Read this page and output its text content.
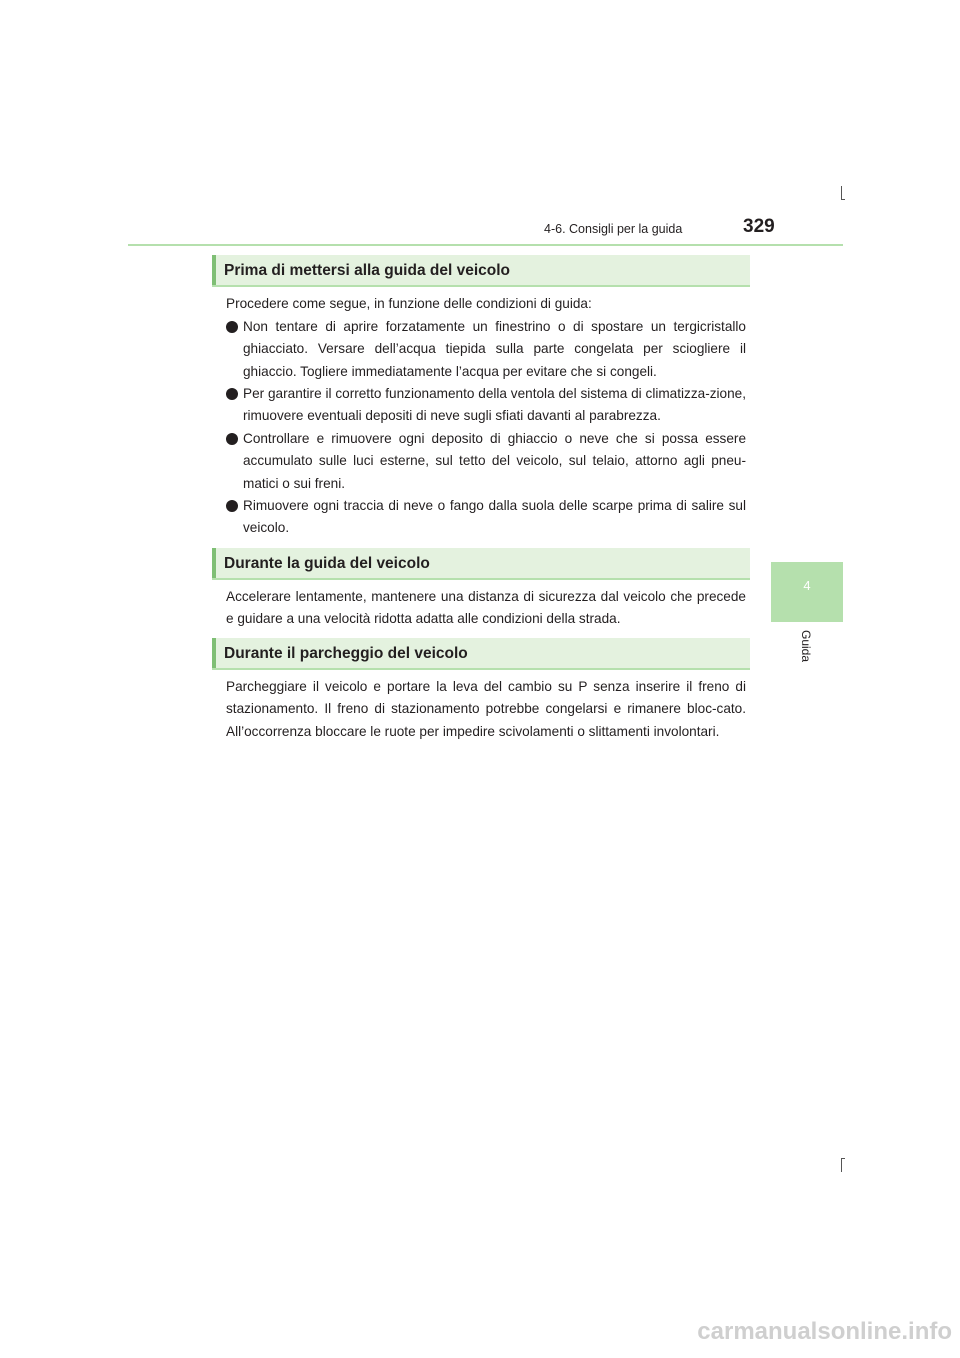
4-6. Consigli per la guida	329
4
Guida
Prima di mettersi alla guida del veicolo
Procedere come segue, in funzione delle condizioni di guida:
Non tentare di aprire forzatamente un finestrino o di spostare un tergicristallo ghiacciato. Versare dell’acqua tiepida sulla parte congelata per sciogliere il ghiaccio. Togliere immediatamente l’acqua per evitare che si congeli.
Per garantire il corretto funzionamento della ventola del sistema di climatizza-zione, rimuovere eventuali depositi di neve sugli sfiati davanti al parabrezza.
Controllare e rimuovere ogni deposito di ghiaccio o neve che si possa essere accumulato sulle luci esterne, sul tetto del veicolo, sul telaio, attorno agli pneu-matici o sui freni.
Rimuovere ogni traccia di neve o fango dalla suola delle scarpe prima di salire sul veicolo.
Durante la guida del veicolo
Accelerare lentamente, mantenere una distanza di sicurezza dal veicolo che precede e guidare a una velocità ridotta adatta alle condizioni della strada.
Durante il parcheggio del veicolo
Parcheggiare il veicolo e portare la leva del cambio su P senza inserire il freno di stazionamento. Il freno di stazionamento potrebbe congelarsi e rimanere bloc-cato. All’occorrenza bloccare le ruote per impedire scivolamenti o slittamenti involontari.
carmanualsonline.info
